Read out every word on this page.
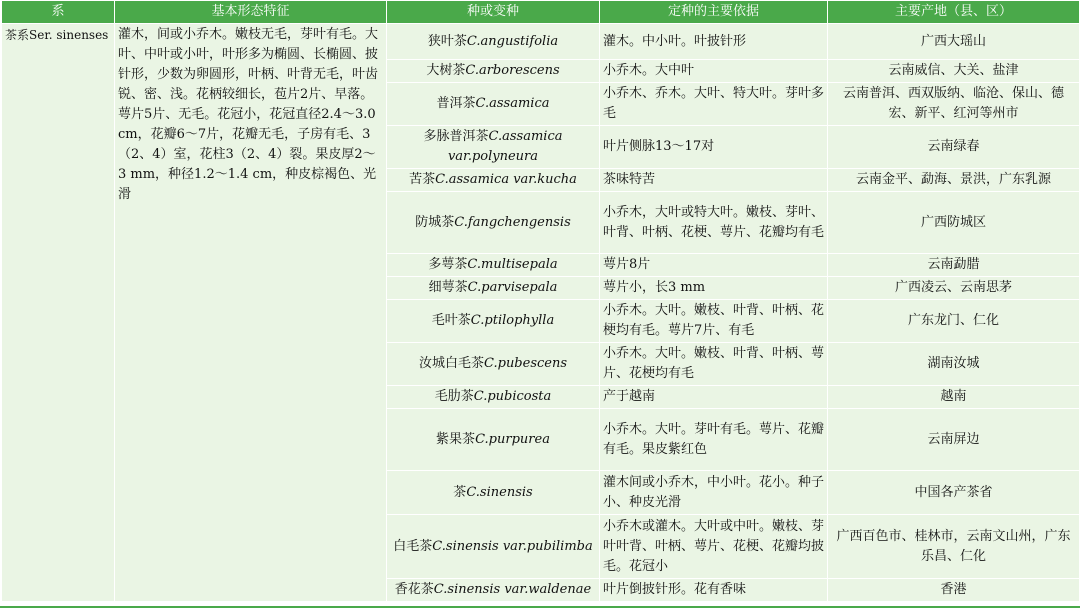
系	基本形态特征	种或变种	定种的主要依据	主要产地（县、区）
茶系Ser. sinenses	灌木，间或小乔木。嫩枝无毛，芽叶有毛。大叶、中叶或小叶，叶形多为椭圆、长椭圆、披针形，少数为卵圆形，叶柄、叶背无毛，叶齿锐、密、浅。花柄较细长，苞片2片、早落。萼片5片、无毛。花冠小，花冠直径2.4～3.0 cm，花瓣6～7片，花瓣无毛，子房有毛、3（2、4）室，花柱3（2、4）裂。果皮厚2～3 mm，种径1.2～1.4 cm，种皮棕褐色、光滑	狭叶茶C.angustifolia	灌木。中小叶。叶披针形	广西大瑶山
		大树茶C.arborescens	小乔木。大中叶	云南威信、大关、盐津
		普洱茶C.assamica	小乔木、乔木。大叶、特大叶。芽叶多毛	云南普洱、西双版纳、临沧、保山、德宏、新平、红河等州市
		多脉普洱茶C.assamica var.polyneura	叶片侧脉13～17对	云南绿春
		苦茶C.assamica var.kucha	茶味特苦	云南金平、勐海、景洪，广东乳源
		防城茶C.fangchengensis	小乔木，大叶或特大叶。嫩枝、芽叶、叶背、叶柄、花梗、萼片、花瓣均有毛	广西防城区
		多萼茶C.multisepala	萼片8片	云南勐腊
		细萼茶C.parvisepala	萼片小，长3 mm	广西凌云、云南思茅
		毛叶茶C.ptilophylla	小乔木。大叶。嫩枝、叶背、叶柄、花梗均有毛。萼片7片、有毛	广东龙门、仁化
		汝城白毛茶C.pubescens	小乔木。大叶。嫩枝、叶背、叶柄、萼片、花梗均有毛	湖南汝城
		毛肋茶C.pubicosta	产于越南	越南
		紫果茶C.purpurea	小乔木。大叶。芽叶有毛。萼片、花瓣有毛。果皮紫红色	云南屏边
		茶C.sinensis	灌木间或小乔木，中小叶。花小。种子小、种皮光滑	中国各产茶省
		白毛茶C.sinensis var.pubilimba	小乔木或灌木。大叶或中叶。嫩枝、芽叶叶背、叶柄、萼片、花梗、花瓣均披毛。花冠小	广西百色市、桂林市，云南文山州，广东乐昌、仁化
		香花茶C.sinensis var.waldenae	叶片倒披针形。花有香味	香港
